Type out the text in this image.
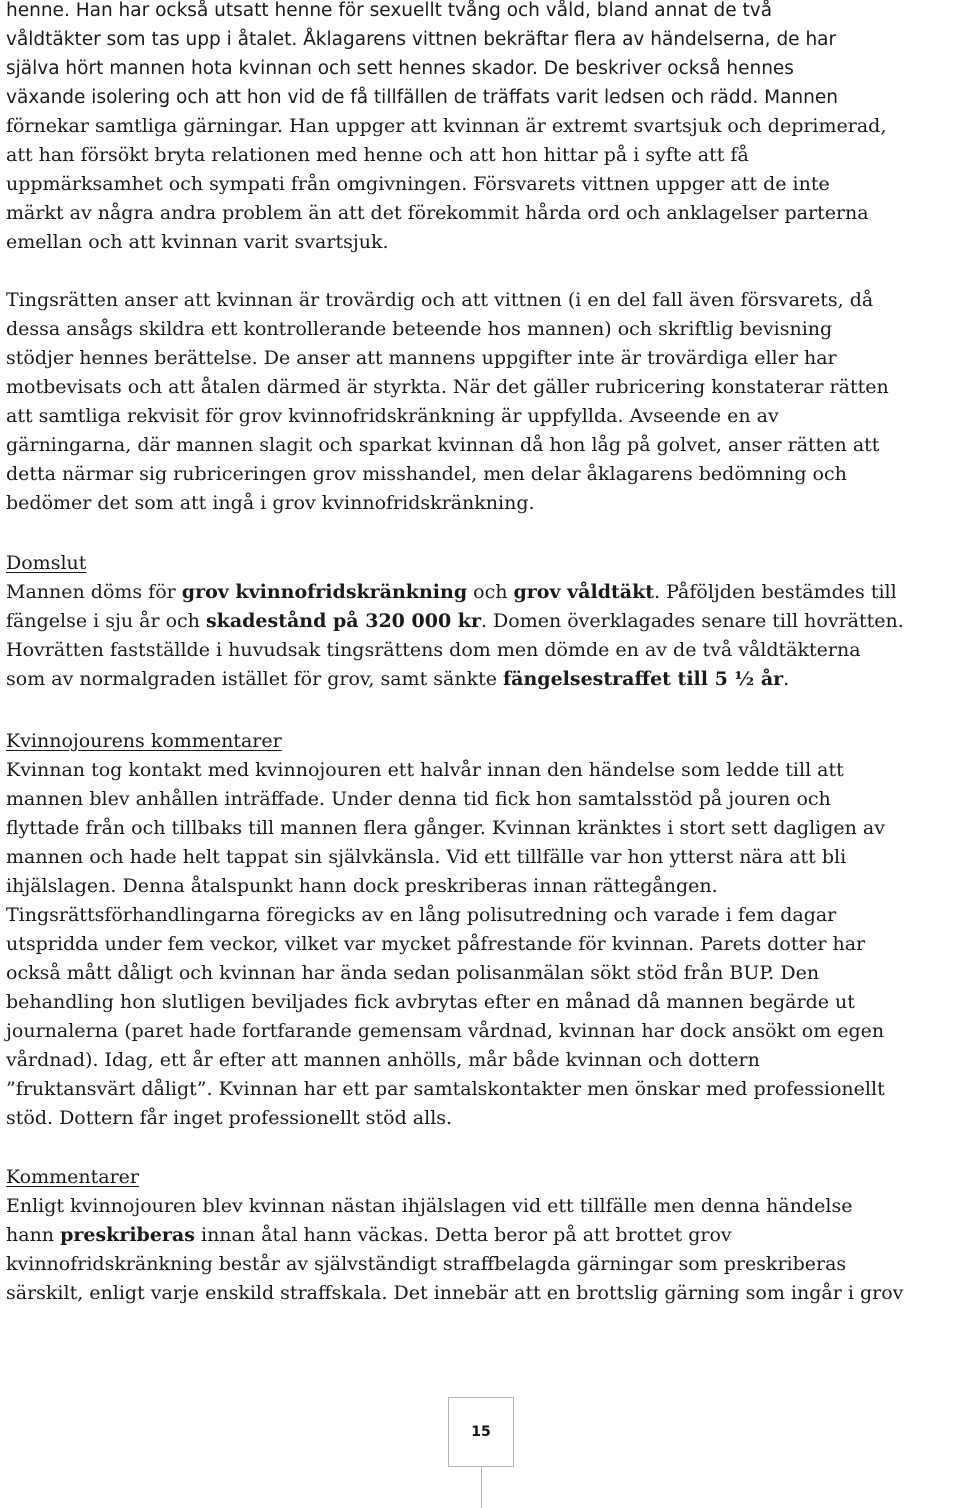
henne. Han har också utsatt henne för sexuellt tvång och våld, bland annat de två
våldtäkter som tas upp i åtalet. Åklagarens vittnen bekräftar flera av händelserna, de har
själva hört mannen hota kvinnan och sett hennes skador. De beskriver också hennes
växande isolering och att hon vid de få tillfällen de träffats varit ledsen och rädd. Mannen
förnekar samtliga gärningar. Han uppger att kvinnan är extremt svartsjuk och deprimerad,
att han försökt bryta relationen med henne och att hon hittar på i syfte att få
uppmärksamhet och sympati från omgivningen. Försvarets vittnen uppger att de inte
märkt av några andra problem än att det förekommit hårda ord och anklagelser parterna
emellan och att kvinnan varit svartsjuk.
Tingsrätten anser att kvinnan är trovärdig och att vittnen (i en del fall även försvarets, då
dessa ansågs skildra ett kontrollerande beteende hos mannen) och skriftlig bevisning
stödjer hennes berättelse. De anser att mannens uppgifter inte är trovärdiga eller har
motbevisats och att åtalen därmed är styrkta. När det gäller rubricering konstaterar rätten
att samtliga rekvisit för grov kvinnofridskränkning är uppfyllda. Avseende en av
gärningarna, där mannen slagit och sparkat kvinnan då hon låg på golvet, anser rätten att
detta närmar sig rubriceringen grov misshandel, men delar åklagarens bedömning och
bedömer det som att ingå i grov kvinnofridskränkning.
Domslut
Mannen döms för grov kvinnofridskränkning och grov våldtäkt. Påföljden bestämdes till
fängelse i sju år och skadestånd på 320 000 kr. Domen överklagades senare till hovrätten.
Hovrätten fastställde i huvudsak tingsrättens dom men dömde en av de två våldtäkterna
som av normalgraden istället för grov, samt sänkte fängelsestraffet till 5 ½ år.
Kvinnojourens kommentarer
Kvinnan tog kontakt med kvinnojouren ett halvår innan den händelse som ledde till att
mannen blev anhållen inträffade. Under denna tid fick hon samtalsstöd på jouren och
flyttade från och tillbaks till mannen flera gånger. Kvinnan kränktes i stort sett dagligen av
mannen och hade helt tappat sin självkänsla. Vid ett tillfälle var hon ytterst nära att bli
ihjälslagen. Denna åtalspunkt hann dock preskriberas innan rättegången.
Tingsrättsförhandlingarna föregicks av en lång polisutredning och varade i fem dagar
utspridda under fem veckor, vilket var mycket påfrestande för kvinnan. Parets dotter har
också mått dåligt och kvinnan har ända sedan polisanmälan sökt stöd från BUP. Den
behandling hon slutligen beviljades fick avbrytas efter en månad då mannen begärde ut
journalerna (paret hade fortfarande gemensam vårdnad, kvinnan har dock ansökt om egen
vårdnad). Idag, ett år efter att mannen anhölls, mår både kvinnan och dottern
”fruktansvärt dåligt”. Kvinnan har ett par samtalskontakter men önskar med professionellt
stöd. Dottern får inget professionellt stöd alls.
Kommentarer
Enligt kvinnojouren blev kvinnan nästan ihjälslagen vid ett tillfälle men denna händelse
hann preskriberas innan åtal hann väckas. Detta beror på att brottet grov
kvinnofridskränkning består av självständigt straffbelagda gärningar som preskriberas
särskilt, enligt varje enskild straffskala. Det innebär att en brottslig gärning som ingår i grov
15
